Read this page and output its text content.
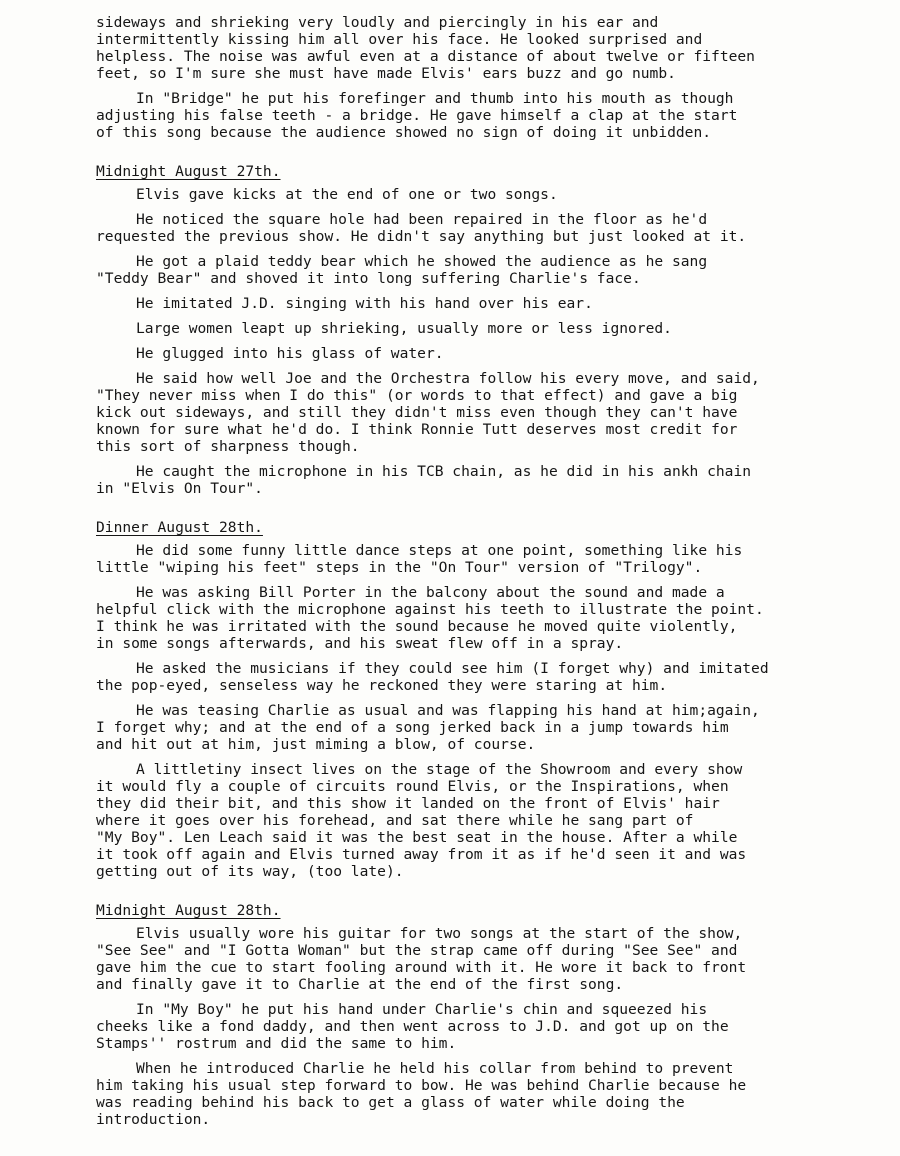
sideways and shrieking very loudly and piercingly in his ear and
intermittently kissing him all over his face. He looked surprised and
helpless. The noise was awful even at a distance of about twelve or fifteen
feet, so I'm sure she must have made Elvis' ears buzz and go numb.

In "Bridge" he put his forefinger and thumb into his mouth as though
adjusting his false teeth - a bridge. He gave himself a clap at the start
of this song because the audience showed no sign of doing it unbidden.

Midnight August 27th.

Elvis gave kicks at the end of one or two songs.

He noticed the square hole had been repaired in the floor as he'd
requested the previous show. He didn't say anything but just looked at it.

He got a plaid teddy bear which he showed the audience as he sang
"Teddy Bear" and shoved it into long suffering Charlie's face.

He imitated J.D. singing with his hand over his ear.

Large women leapt up shrieking, usually more or less ignored.

He glugged into his glass of water.

He said how well Joe and the Orchestra follow his every move, and said,
"They never miss when I do this" (or words to that effect) and gave a big
kick out sideways, and still they didn't miss even though they can't have
known for sure what he'd do. I think Ronnie Tutt deserves most credit for
this sort of sharpness though.

He caught the microphone in his TCB chain, as he did in his ankh chain
in "Elvis On Tour".

Dinner August 28th.

He did some funny little dance steps at one point, something like his
little "wiping his feet" steps in the "On Tour" version of "Trilogy".

He was asking Bill Porter in the balcony about the sound and made a
helpful click with the microphone against his teeth to illustrate the point.
I think he was irritated with the sound because he moved quite violently,
in some songs afterwards, and his sweat flew off in a spray.

He asked the musicians if they could see him (I forget why) and imitated
the pop-eyed, senseless way he reckoned they were staring at him.

He was teasing Charlie as usual and was flapping his hand at him;again,
I forget why; and at the end of a song jerked back in a jump towards him
and hit out at him, just miming a blow, of course.

A littletiny insect lives on the stage of the Showroom and every show
it would fly a couple of circuits round Elvis, or the Inspirations, when
they did their bit, and this show it landed on the front of Elvis' hair
where it goes over his forehead, and sat there while he sang part of
"My Boy". Len Leach said it was the best seat in the house. After a while
it took off again and Elvis turned away from it as if he'd seen it and was
getting out of its way, (too late).

Midnight August 28th.

Elvis usually wore his guitar for two songs at the start of the show,
"See See" and "I Gotta Woman" but the strap came off during "See See" and
gave him the cue to start fooling around with it. He wore it back to front
and finally gave it to Charlie at the end of the first song.

In "My Boy" he put his hand under Charlie's chin and squeezed his
cheeks like a fond daddy, and then went across to J.D. and got up on the
Stamps'' rostrum and did the same to him.

When he introduced Charlie he held his collar from behind to prevent
him taking his usual step forward to bow. He was behind Charlie because he
was reading behind his back to get a glass of water while doing the
introduction.
